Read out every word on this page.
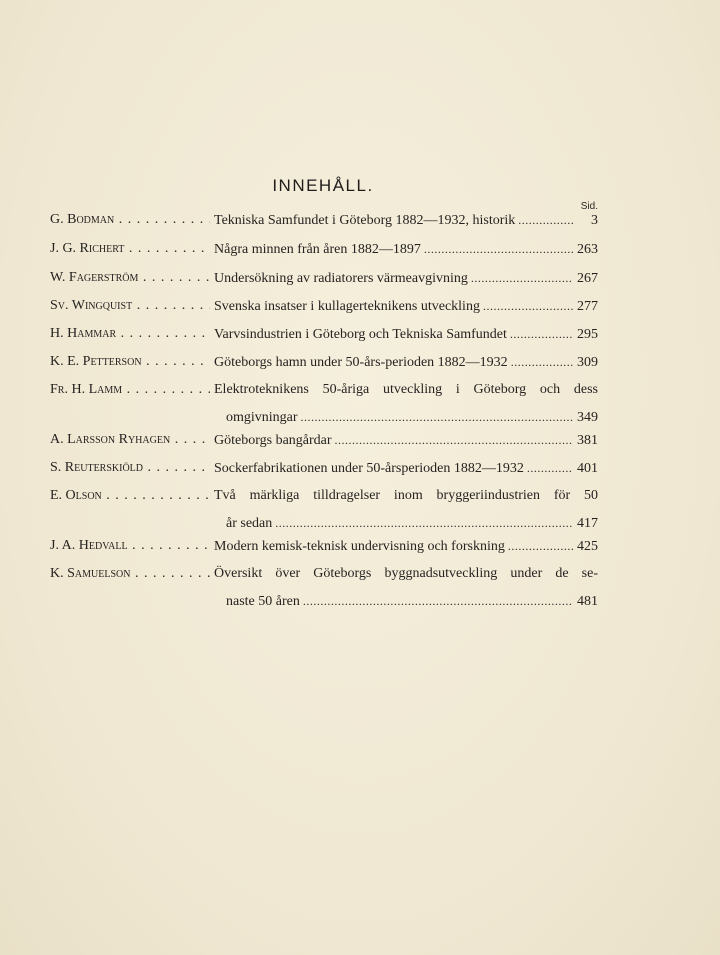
INNEHÅLL.
Sid.
G. Bodman . . .	Tekniska Samfundet i Göteborg 1882—1932, historik .....	3
J. G. Richert . . .	Några minnen från åren 1882—1897 .....	263
W. Fagerström . . .	Undersökning av radiatorers värmeavgivning .....	267
Sv. Wingquist . . .	Svenska insatser i kullagerteknikens utveckling .....	277
H. Hammar . . .	Varvsindustrien i Göteborg och Tekniska Samfundet .....	295
K. E. Petterson . . .	Göteborgs hamn under 50-års-perioden 1882—1932 .....	309
Fr. H. Lamm . . .	Elektroteknikens 50-åriga utveckling i Göteborg och dess
omgivningar .....	349
A. Larsson Ryhagen . . .	Göteborgs bangårdar .....	381
S. Reuterskiöld . . .	Sockerfabrikationen under 50-årsperioden 1882—1932 .....	401
E. Olson . . .	Två märkliga tilldragelser inom bryggeriindustrien för 50
år sedan .....	417
J. A. Hedvall . . .	Modern kemisk-teknisk undervisning och forskning .....	425
K. Samuelson . . .	Översikt över Göteborgs byggnadsutveckling under de se-
naste 50 åren .....	481
